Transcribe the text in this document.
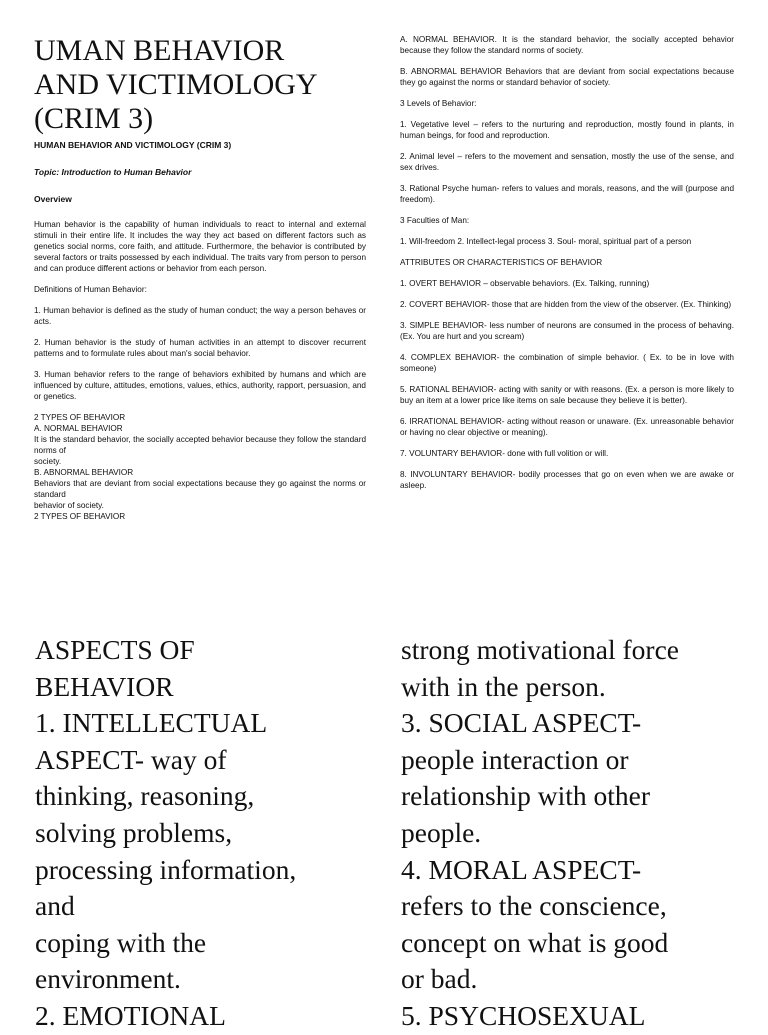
UMAN BEHAVIOR
AND VICTIMOLOGY
(CRIM 3)
HUMAN BEHAVIOR AND VICTIMOLOGY (CRIM 3)
Topic: Introduction to Human Behavior
Overview

Human behavior is the capability of human individuals to react to internal and external stimuli in their entire life. It includes the way they act based on different factors such as genetics social norms, core faith, and attitude. Furthermore, the behavior is contributed by several factors or traits possessed by each individual. The traits vary from person to person and can produce different actions or behavior from each person.

Definitions of Human Behavior:

1. Human behavior is defined as the study of human conduct; the way a person behaves or acts.

2. Human behavior is the study of human activities in an attempt to discover recurrent patterns and to formulate rules about man's social behavior.

3. Human behavior refers to the range of behaviors exhibited by humans and which are influenced by culture, attitudes, emotions, values, ethics, authority, rapport, persuasion, and or genetics.

2 TYPES OF BEHAVIOR

A. NORMAL BEHAVIOR

It is the standard behavior, the socially accepted behavior because they follow the standard norms of

society.

B. ABNORMAL BEHAVIOR

Behaviors that are deviant from social expectations because they go against the norms or standard

behavior of society.

2 TYPES OF BEHAVIOR

A. NORMAL BEHAVIOR. It is the standard behavior, the socially accepted behavior because they follow the standard norms of society.

B. ABNORMAL BEHAVIOR Behaviors that are deviant from social expectations because they go against the norms or standard behavior of society.

3 Levels of Behavior:

1. Vegetative level – refers to the nurturing and reproduction, mostly found in plants, in human beings, for food and reproduction.

2. Animal level – refers to the movement and sensation, mostly the use of the sense, and sex drives.

3. Rational Psyche human- refers to values and morals, reasons, and the will (purpose and freedom).

3 Faculties of Man:

1. Will-freedom 2. Intellect-legal process 3. Soul- moral, spiritual part of a person

ATTRIBUTES OR CHARACTERISTICS OF BEHAVIOR

1. OVERT BEHAVIOR – observable behaviors. (Ex. Talking, running)

2. COVERT BEHAVIOR- those that are hidden from the view of the observer. (Ex. Thinking)

3. SIMPLE BEHAVIOR- less number of neurons are consumed in the process of behaving. (Ex. You are hurt and you scream)

4. COMPLEX BEHAVIOR- the combination of simple behavior. ( Ex. to be in love with someone)

5. RATIONAL BEHAVIOR- acting with sanity or with reasons. (Ex. a person is more likely to buy an item at a lower price like items on sale because they believe it is better).

6. IRRATIONAL BEHAVIOR- acting without reason or unaware. (Ex. unreasonable behavior or having no clear objective or meaning).

7. VOLUNTARY BEHAVIOR- done with full volition or will.

8. INVOLUNTARY BEHAVIOR- bodily processes that go on even when we are awake or asleep.

ASPECTS OF
BEHAVIOR
1. INTELLECTUAL
ASPECT- way of
thinking, reasoning,
solving problems,
processing information,
and
coping with the
environment.
2. EMOTIONAL
strong motivational force
with in the person.
3. SOCIAL ASPECT-
people interaction or
relationship with other
people.
4. MORAL ASPECT-
refers to the conscience,
concept on what is good
or bad.
5. PSYCHOSEXUAL
